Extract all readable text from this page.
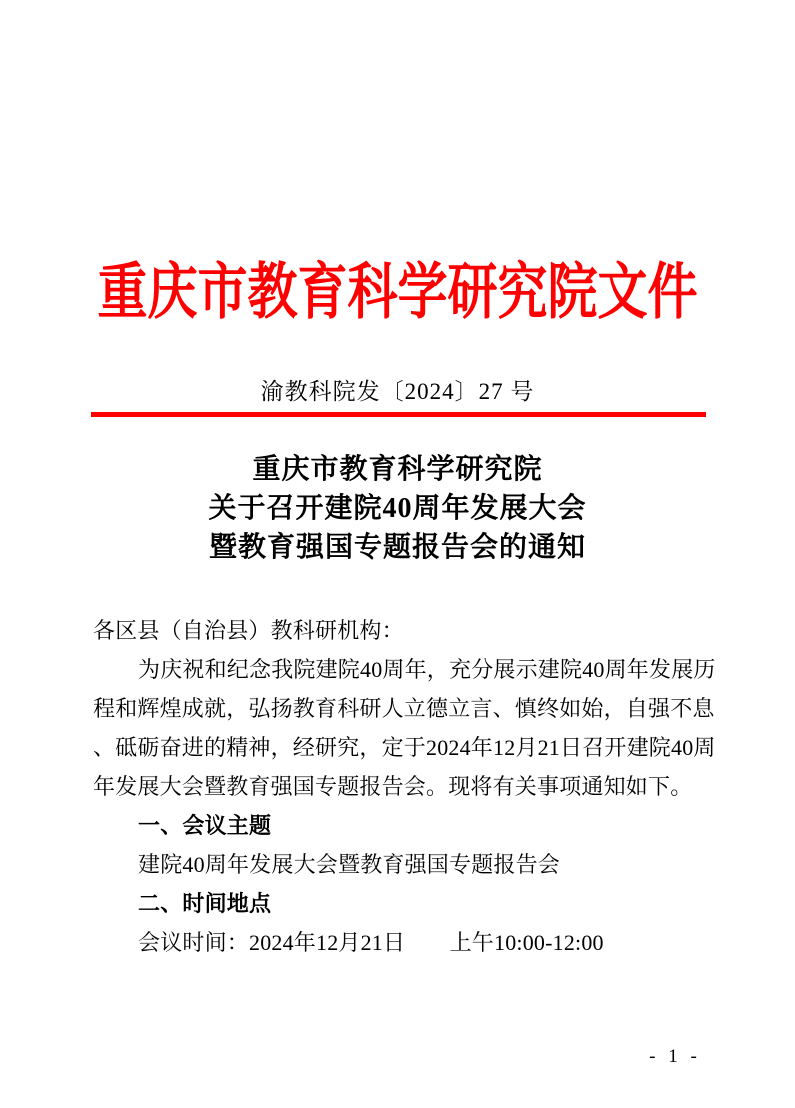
重庆市教育科学研究院文件
渝教科院发〔2024〕27 号
重庆市教育科学研究院
关于召开建院40周年发展大会
暨教育强国专题报告会的通知
各区县（自治县）教科研机构：
为庆祝和纪念我院建院40周年，充分展示建院40周年发展历
程和辉煌成就，弘扬教育科研人立德立言、慎终如始，自强不息
、砥砺奋进的精神，经研究，定于2024年12月21日召开建院40周
年发展大会暨教育强国专题报告会。现将有关事项通知如下。
一、会议主题
建院40周年发展大会暨教育强国专题报告会
二、时间地点
会议时间：2024年12月21日　　上午10:00-12:00
- 1 -
